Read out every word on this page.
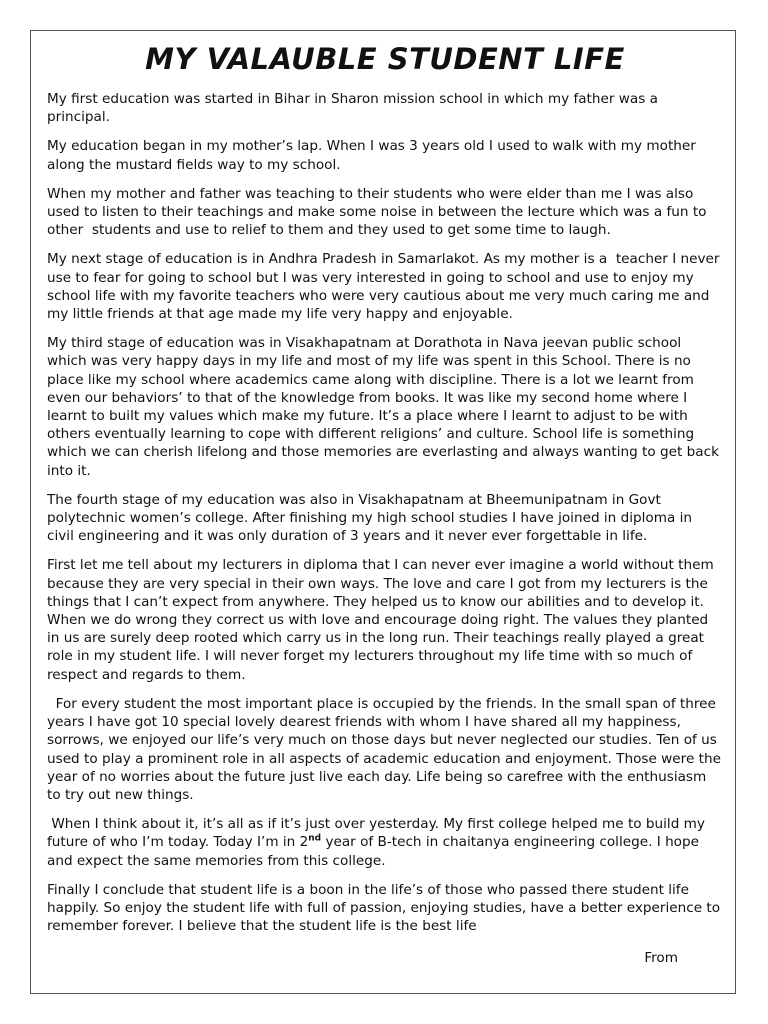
MY VALAUBLE STUDENT LIFE

My first education was started in Bihar in Sharon mission school in which my father was a principal.

My education began in my mother’s lap. When I was 3 years old I used to walk with my mother along the mustard fields way to my school.

When my mother and father was teaching to their students who were elder than me I was also used to listen to their teachings and make some noise in between the lecture which was a fun to other  students and use to relief to them and they used to get some time to laugh.

My next stage of education is in Andhra Pradesh in Samarlakot. As my mother is a  teacher I never use to fear for going to school but I was very interested in going to school and use to enjoy my school life with my favorite teachers who were very cautious about me very much caring me and my little friends at that age made my life very happy and enjoyable.

My third stage of education was in Visakhapatnam at Dorathota in Nava jeevan public school which was very happy days in my life and most of my life was spent in this School. There is no place like my school where academics came along with discipline. There is a lot we learnt from even our behaviors’ to that of the knowledge from books. It was like my second home where I learnt to built my values which make my future. It’s a place where I learnt to adjust to be with others eventually learning to cope with different religions’ and culture. School life is something which we can cherish lifelong and those memories are everlasting and always wanting to get back into it.

The fourth stage of my education was also in Visakhapatnam at Bheemunipatnam in Govt polytechnic women’s college. After finishing my high school studies I have joined in diploma in civil engineering and it was only duration of 3 years and it never ever forgettable in life.

First let me tell about my lecturers in diploma that I can never ever imagine a world without them because they are very special in their own ways. The love and care I got from my lecturers is the things that I can’t expect from anywhere. They helped us to know our abilities and to develop it. When we do wrong they correct us with love and encourage doing right. The values they planted in us are surely deep rooted which carry us in the long run. Their teachings really played a great role in my student life. I will never forget my lecturers throughout my life time with so much of respect and regards to them.

For every student the most important place is occupied by the friends. In the small span of three years I have got 10 special lovely dearest friends with whom I have shared all my happiness, sorrows, we enjoyed our life’s very much on those days but never neglected our studies. Ten of us used to play a prominent role in all aspects of academic education and enjoyment. Those were the year of no worries about the future just live each day. Life being so carefree with the enthusiasm to try out new things.

When I think about it, it’s all as if it’s just over yesterday. My first college helped me to build my future of who I’m today. Today I’m in 2nd year of B-tech in chaitanya engineering college. I hope and expect the same memories from this college.

Finally I conclude that student life is a boon in the life’s of those who passed there student life happily. So enjoy the student life with full of passion, enjoying studies, have a better experience to remember forever. I believe that the student life is the best life

From
